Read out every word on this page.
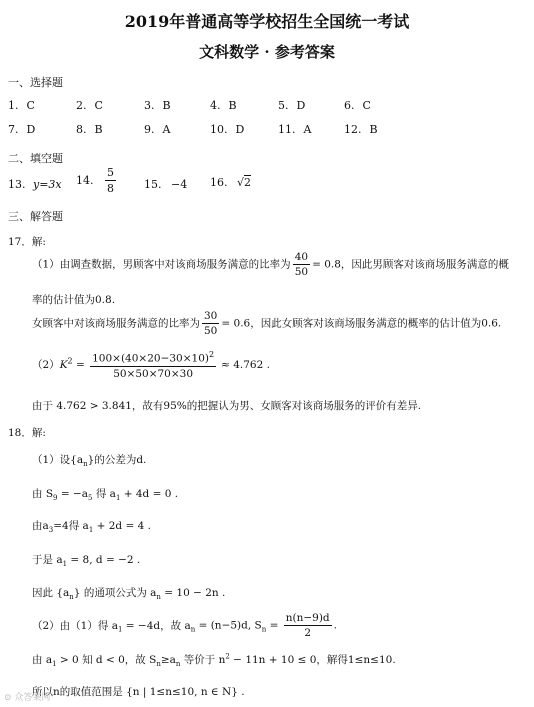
2019年普通高等学校招生全国统一考试
文科数学 · 参考答案
一、选择题
1. C	2. C	3. B	4. B	5. D	6. C
7. D	8. B	9. A	10. D	11. A	12. B
二、填空题
13. y=3x 14. $\frac{5}{8}$	15. −4 16. √2
三、解答题
17．解:
（1）由调查数据，男顾客中对该商场服务满意的比率为 $\frac{40}{50} = 0.8$，因此男顾客对该商场服务满意的概
率的估计值为0.8.
女顾客中对该商场服务满意的比率为 $\frac{30}{50} = 0.6$，因此女顾客对该商场服务满意的概率的估计值为0.6.
$(2)K^2 = \frac{100\times(40\times 20-30\times 10)^2}{50\times 50\times 70\times 30} \approx 4.762$ .
由于 4.762 > 3.841，故有95%的把握认为男、女顾客对该商场服务的评价有差异.
18．解:
（1）设$\{a_n\}$的公差为d.
由 $S_9 = -a_5$ 得 $a_1 + 4d = 0$ .
由$a_3=4$得 $a_1 + 2d = 4$ .
于是 $a_1 = 8$, d = −2 .
因此 $\{a_n\}$ 的通项公式为 $a_n = 10 - 2n$ .
（2）由（1）得 $a_1 = -4d$，故 $a_n = (n-5)d$, $S_n = \frac{n(n-9)d}{2}$ .
由 $a_1 > 0$ 知 d < 0，故 $S_n\ge a_n$ 等价于 $n^2 - 11n + 10 \le 0$，解得1≤n≤10.
所以n的取值范围是 {n | 1≤n≤10, n ∈ N} .
⊙ 众答案网
